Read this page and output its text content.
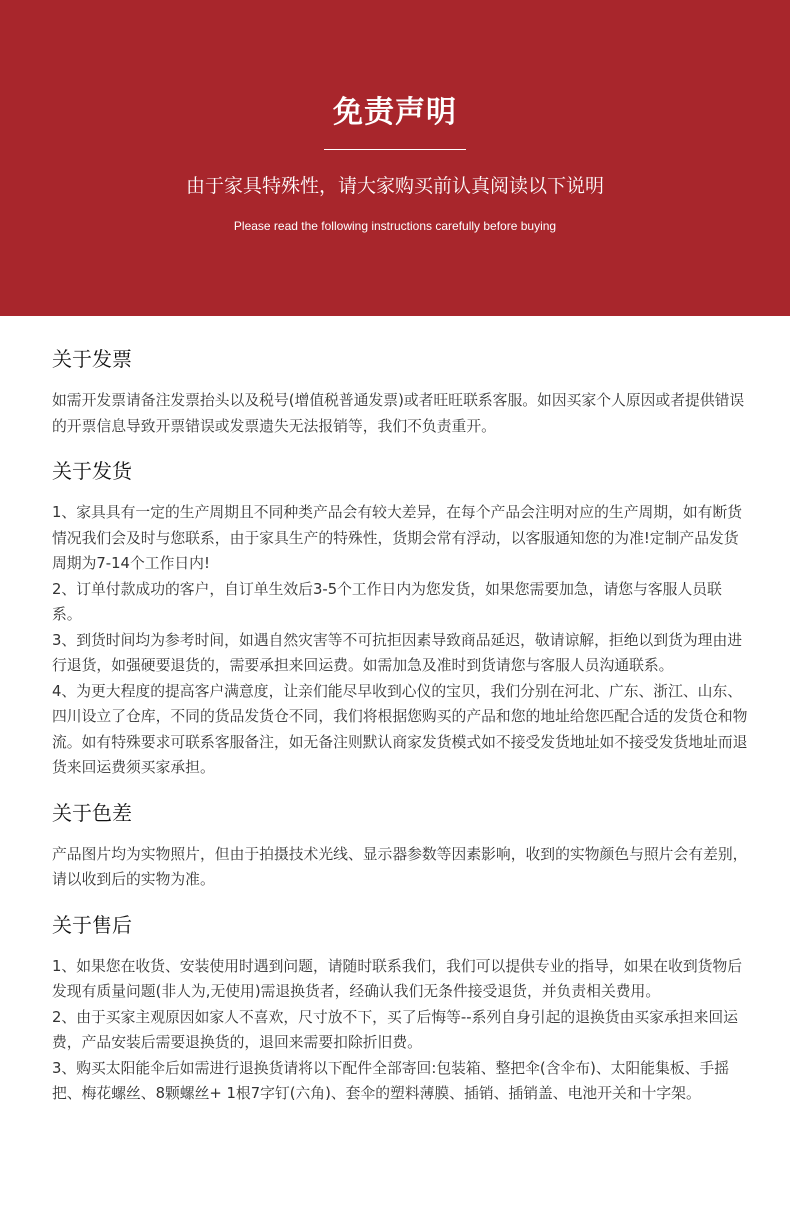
免责声明
由于家具特殊性，请大家购买前认真阅读以下说明
Please read the following instructions carefully before buying
关于发票

如需开发票请备注发票抬头以及税号(增值税普通发票)或者旺旺联系客服。如因买家个人原因或者提供错误的开票信息导致开票错误或发票遗失无法报销等，我们不负责重开。

关于发货

1、家具具有一定的生产周期且不同种类产品会有较大差异，在每个产品会注明对应的生产周期，如有断货情况我们会及时与您联系，由于家具生产的特殊性，货期会常有浮动，以客服通知您的为准!定制产品发货周期为7-14个工作日内!

2、订单付款成功的客户，自订单生效后3-5个工作日内为您发货，如果您需要加急，请您与客服人员联系。

3、到货时间均为参考时间，如遇自然灾害等不可抗拒因素导致商品延迟，敬请谅解，拒绝以到货为理由进行退货，如强硬要退货的，需要承担来回运费。如需加急及准时到货请您与客服人员沟通联系。

4、为更大程度的提高客户满意度，让亲们能尽早收到心仪的宝贝，我们分别在河北、广东、浙江、山东、四川设立了仓库，不同的货品发货仓不同，我们将根据您购买的产品和您的地址给您匹配合适的发货仓和物流。如有特殊要求可联系客服备注，如无备注则默认商家发货模式如不接受发货地址如不接受发货地址而退货来回运费须买家承担。

关于色差

产品图片均为实物照片，但由于拍摄技术光线、显示器参数等因素影响，收到的实物颜色与照片会有差别，请以收到后的实物为准。

关于售后

1、如果您在收货、安装使用时遇到问题，请随时联系我们，我们可以提供专业的指导，如果在收到货物后发现有质量问题(非人为,无使用)需退换货者，经确认我们无条件接受退货，并负责相关费用。

2、由于买家主观原因如家人不喜欢，尺寸放不下，买了后悔等--系列自身引起的退换货由买家承担来回运费，产品安装后需要退换货的，退回来需要扣除折旧费。

3、购买太阳能伞后如需进行退换货请将以下配件全部寄回:包装箱、整把伞(含伞布)、太阳能集板、手摇把、梅花螺丝、8颗螺丝+ 1根7字钉(六角)、套伞的塑料薄膜、插销、插销盖、电池开关和十字架。
